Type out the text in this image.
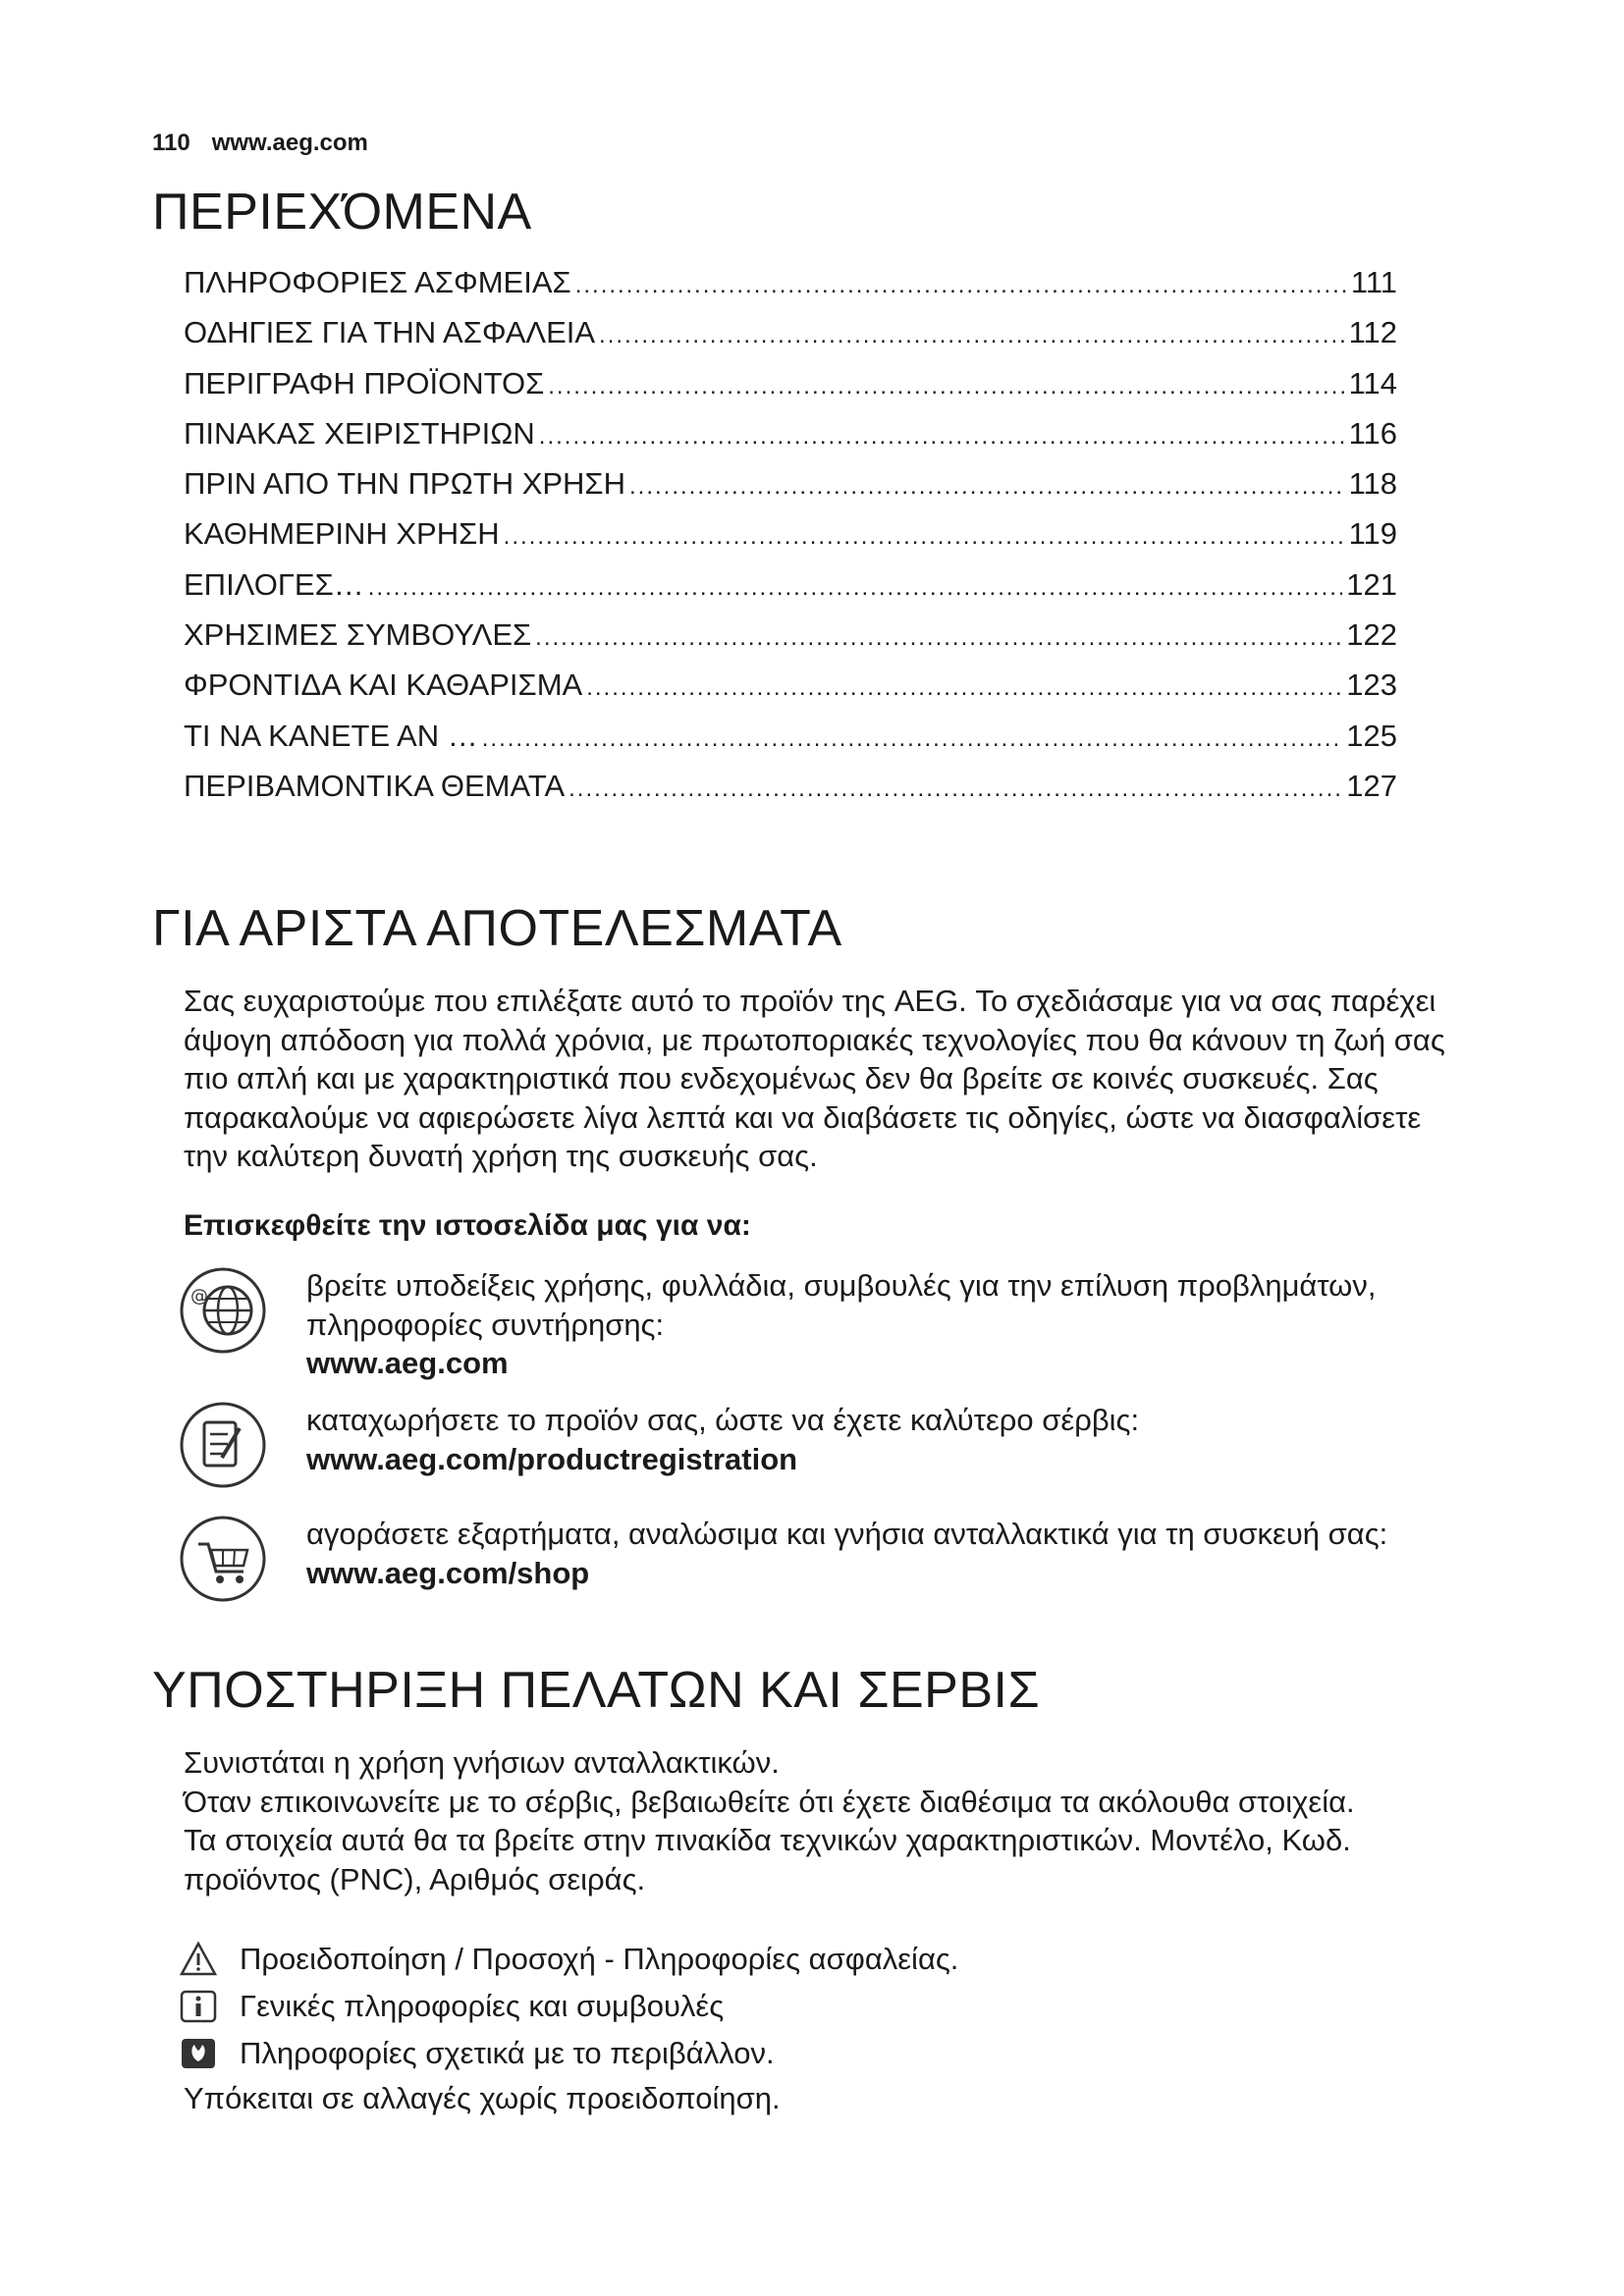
110 www.aeg.com
ΠΕΡΙΕΧΌΜΕΝΑ
ΠΛΗΡΟΦΟΡΙΕΣ ΑΣΦΜΕΙΑΣ .....	111
ΟΔΗΓΙΕΣ ΓΙΑ ΤΗΝ ΑΣΦΑΛΕΙΑ .....	112
ΠΕΡΙΓΡΑΦΗ ΠΡΟΪΟΝΤΟΣ .....	114
ΠΙΝΑΚΑΣ ΧΕΙΡΙΣΤΗΡΙΩΝ .....	116
ΠΡΙΝ ΑΠΟ ΤΗΝ ΠΡΩΤΗ ΧΡΗΣΗ .....	118
ΚΑΘΗΜΕΡΙΝΗ ΧΡΗΣΗ .....	119
ΕΠΙΛΟΓΕΣ… .....	121
ΧΡΗΣΙΜΕΣ ΣΥΜΒΟΥΛΕΣ .....	122
ΦΡΟΝΤΙΔΑ ΚΑΙ ΚΑΘΑΡΙΣΜΑ .....	123
ΤΙ ΝΑ ΚΑΝΕΤΕ ΑΝ … .....	125
ΠΕΡΙΒΑΜΟΝΤΙΚΑ ΘΕΜΑΤΑ .....	127
ΓΙΑ ΑΡΙΣΤΑ ΑΠΟΤΕΛΕΣΜΑΤΑ
Σας ευχαριστούμε που επιλέξατε αυτό το προϊόν της AEG. Το σχεδιάσαμε για να σας παρέχει άψογη απόδοση για πολλά χρόνια, με πρωτοποριακές τεχνολογίες που θα κάνουν τη ζωή σας πιο απλή και με χαρακτηριστικά που ενδεχομένως δεν θα βρείτε σε κοινές συσκευές. Σας παρακαλούμε να αφιερώσετε λίγα λεπτά και να διαβάσετε τις οδηγίες, ώστε να διασφαλίσετε την καλύτερη δυνατή χρήση της συσκευής σας.
Επισκεφθείτε την ιστοσελίδα μας για να:
@	βρείτε υποδείξεις χρήσης, φυλλάδια, συμβουλές για την επίλυση προβλημάτων, πληροφορίες συντήρησης:
www.aeg.com
καταχωρήσετε το προϊόν σας, ώστε να έχετε καλύτερο σέρβις:
www.aeg.com/productregistration
αγοράσετε εξαρτήματα, αναλώσιμα και γνήσια ανταλλακτικά για τη συσκευή σας:
www.aeg.com/shop
ΥΠΟΣΤΗΡΙΞΗ ΠΕΛΑΤΩΝ ΚΑΙ ΣΕΡΒΙΣ
Συνιστάται η χρήση γνήσιων ανταλλακτικών.
Όταν επικοινωνείτε με το σέρβις, βεβαιωθείτε ότι έχετε διαθέσιμα τα ακόλουθα στοιχεία.
Τα στοιχεία αυτά θα τα βρείτε στην πινακίδα τεχνικών χαρακτηριστικών. Μοντέλο, Κωδ. προϊόντος (PNC), Αριθμός σειράς.
Προειδοποίηση / Προσοχή - Πληροφορίες ασφαλείας.
Γενικές πληροφορίες και συμβουλές
Πληροφορίες σχετικά με το περιβάλλον.
Υπόκειται σε αλλαγές χωρίς προειδοποίηση.
